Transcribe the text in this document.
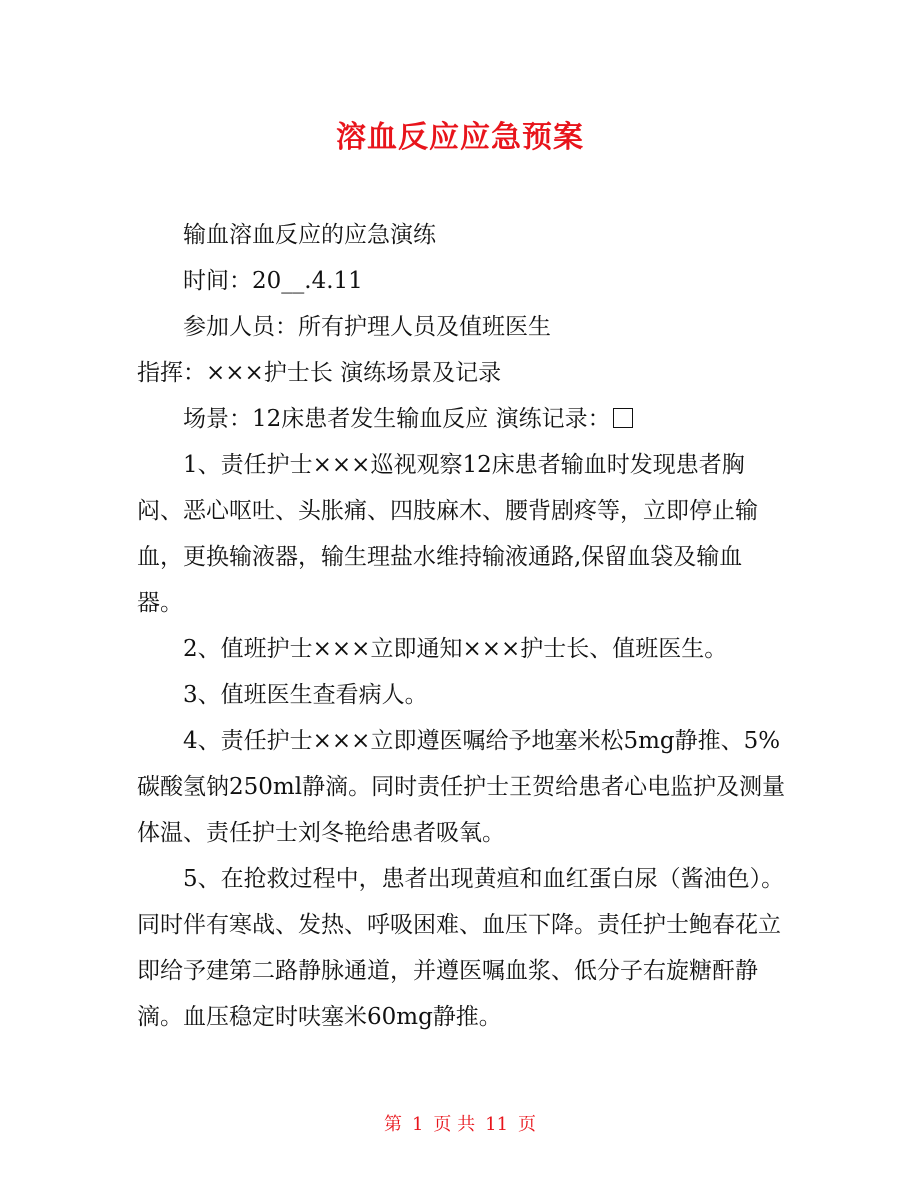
溶血反应应急预案

输血溶血反应的应急演练

时间：20__.4.11

参加人员：所有护理人员及值班医生

指挥：×××护士长 演练场景及记录

场景：12床患者发生输血反应 演练记录：

1、责任护士×××巡视观察12床患者输血时发现患者胸闷、恶心呕吐、头胀痛、四肢麻木、腰背剧疼等，立即停止输血，更换输液器，输生理盐水维持输液通路,保留血袋及输血器。

2、值班护士×××立即通知×××护士长、值班医生。

3、值班医生查看病人。

4、责任护士×××立即遵医嘱给予地塞米松5mg静推、5%碳酸氢钠250ml静滴。同时责任护士王贺给患者心电监护及测量体温、责任护士刘冬艳给患者吸氧。

5、在抢救过程中，患者出现黄疸和血红蛋白尿（酱油色）。同时伴有寒战、发热、呼吸困难、血压下降。责任护士鲍春花立即给予建第二路静脉通道，并遵医嘱血浆、低分子右旋糖酐静滴。血压稳定时呋塞米60mg静推。

第 1 页 共 11 页
